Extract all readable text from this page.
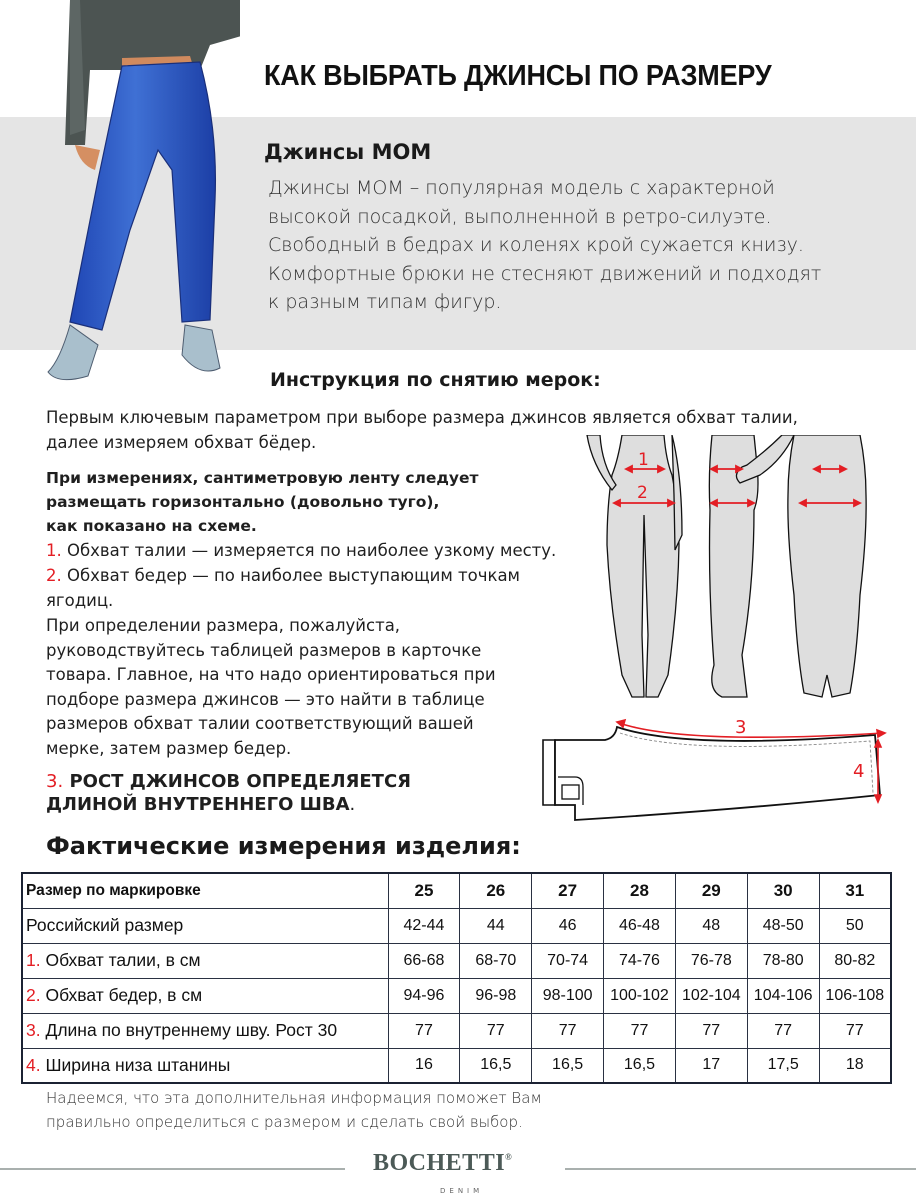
КАК ВЫБРАТЬ ДЖИНСЫ ПО РАЗМЕРУ
Джинсы МОМ
Джинсы МОМ – популярная модель с характерной
высокой посадкой, выполненной в ретро-силуэте.
Свободный в бедрах и коленях крой сужается книзу.
Комфортные брюки не стесняют движений и подходят
к разным типам фигур.
Инструкция по снятию мерок:
Первым ключевым параметром при выборе размера джинсов является обхват талии,
далее измеряем обхват бёдер.
При измерениях, сантиметровую ленту следует
размещать горизонтально (довольно туго),
как показано на схеме.
1. Обхват талии — измеряется по наиболее узкому месту.
2. Обхват бедер — по наиболее выступающим точкам
ягодиц.
При определении размера, пожалуйста,
руководствуйтесь таблицей размеров в карточке
товара. Главное, на что надо ориентироваться при
подборе размера джинсов — это найти в таблице
размеров обхват талии соответствующий вашей
мерке, затем размер бедер.
3. РОСТ ДЖИНСОВ ОПРЕДЕЛЯЕТСЯ
ДЛИНОЙ ВНУТРЕННЕГО ШВА.
1
2
3
4
Фактические измерения изделия:
Размер по маркировке	25	26	27	28	29	30	31
Российский размер	42-44	44	46	46-48	48	48-50	50
1. Обхват талии, в см	66-68	68-70	70-74	74-76	76-78	78-80	80-82
2. Обхват бедер, в см	94-96	96-98	98-100	100-102	102-104	104-106	106-108
3. Длина по внутреннему шву. Рост 30	77	77	77	77	77	77	77
4. Ширина низа штанины	16	16,5	16,5	16,5	17	17,5	18
Надеемся, что эта дополнительная информация поможет Вам
правильно определиться с размером и сделать свой выбор.
BOCHETTI®
DENIM
